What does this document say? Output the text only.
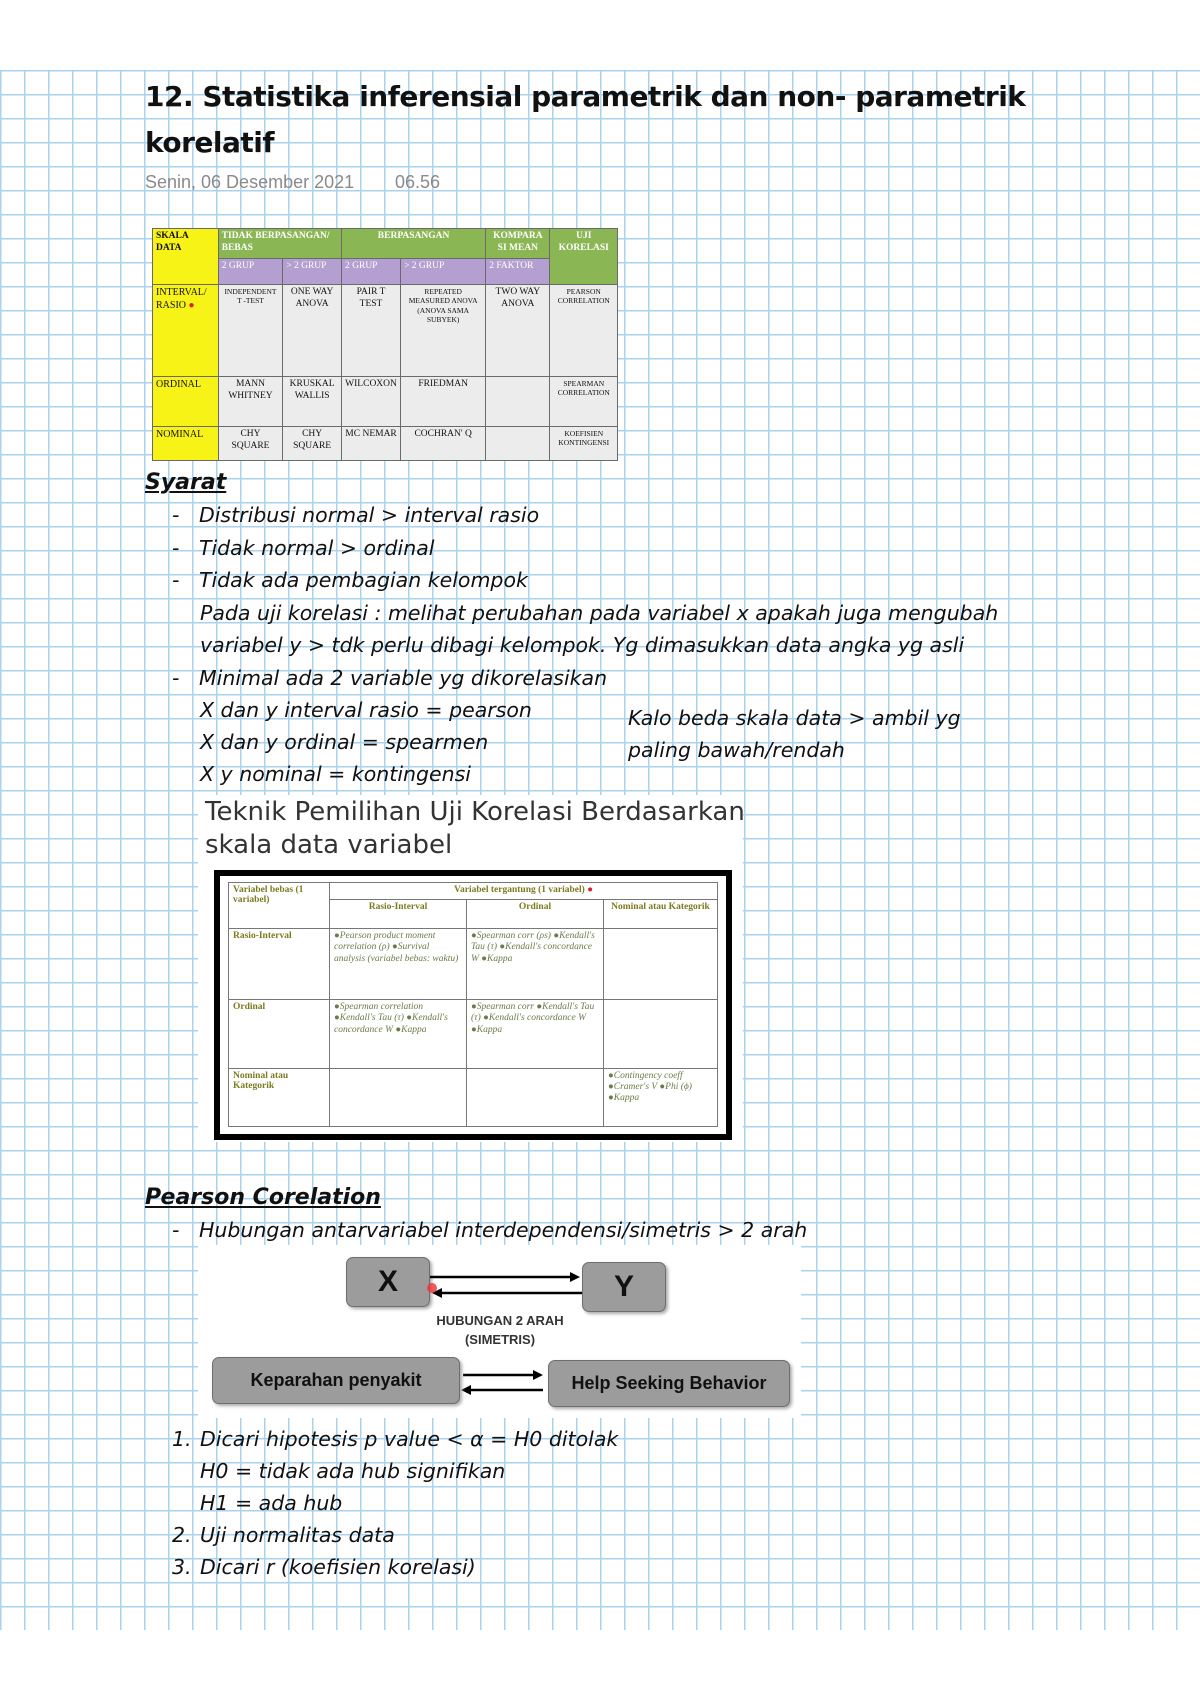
12. Statistika inferensial parametrik dan non- parametrik
korelatif
Senin, 06 Desember 2021 06.56
SKALA DATA	TIDAK BERPASANGAN/ BEBAS		BERPASANGAN		KOMPARA SI MEAN	UJI KORELASI
	2 GRUP	> 2 GRUP	2 GRUP	> 2 GRUP	2 FAKTOR	
INTERVAL/ RASIO ●	INDEPENDENT T -TEST	ONE WAY ANOVA	PAIR T TEST	REPEATED MEASURED ANOVA (ANOVA SAMA SUBYEK)	TWO WAY ANOVA	PEARSON CORRELATION
ORDINAL	MANN WHITNEY	KRUSKAL WALLIS	WILCOXON	FRIEDMAN		SPEARMAN CORRELATION
NOMINAL	CHY SQUARE	CHY SQUARE	MC NEMAR	COCHRAN' Q		KOEFISIEN KONTINGENSI
Syarat
-   Distribusi normal > interval rasio
-   Tidak normal > ordinal
-   Tidak ada pembagian kelompok
Pada uji korelasi : melihat perubahan pada variabel x apakah juga mengubah
variabel y > tdk perlu dibagi kelompok. Yg dimasukkan data angka yg asli
-   Minimal ada 2 variable yg dikorelasikan
X dan y interval rasio = pearson
X dan y ordinal = spearmen
X y nominal = kontingensi
Kalo beda skala data > ambil yg
paling bawah/rendah
Teknik Pemilihan Uji Korelasi Berdasarkan
skala data variabel
Variabel bebas (1 variabel)	Variabel tergantung (1 variabel) ●		
	Rasio-Interval	Ordinal	Nominal atau Kategorik
Rasio-Interval	●Pearson product moment correlation (ρ) ●Survival analysis (variabel bebas: waktu)	●Spearman corr (ρs) ●Kendall's Tau (τ) ●Kendall's concordance W ●Kappa	
Ordinal	●Spearman correlation ●Kendall's Tau (τ) ●Kendall's concordance W ●Kappa	●Spearman corr ●Kendall's Tau (τ) ●Kendall's concordance W ●Kappa	
Nominal atau Kategorik			●Contingency coeff ●Cramer's V ●Phi (ϕ) ●Kappa
Pearson Corelation
-   Hubungan antarvariabel interdependensi/simetris > 2 arah
X	Y
HUBUNGAN 2 ARAH
(SIMETRIS)
Keparahan penyakit	Help Seeking Behavior
1. Dicari hipotesis p value < α = H0 ditolak
H0 = tidak ada hub signifikan
H1 = ada hub
2. Uji normalitas data
3. Dicari r (koefisien korelasi)
